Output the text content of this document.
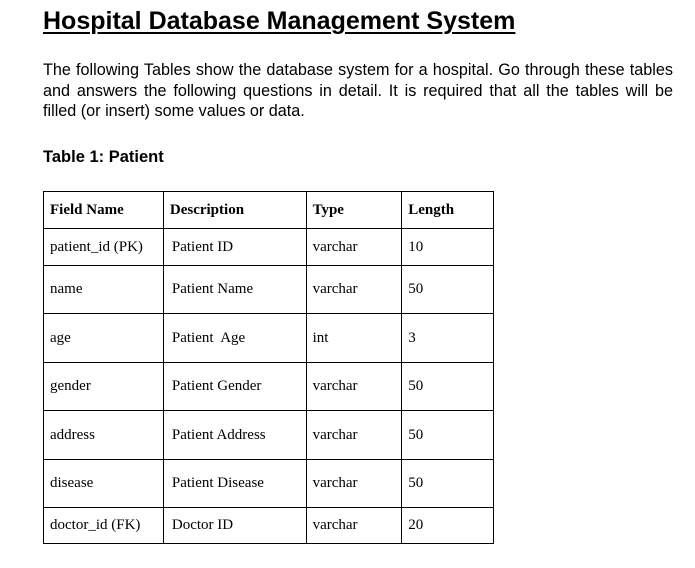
Hospital Database Management System

The following Tables show the database system for a hospital. Go through these tables and answers the following questions in detail. It is required that all the tables will be filled (or insert) some values or data.

Table 1: Patient
Field Name	Description	Type	Length
patient_id (PK)	Patient ID	varchar	10
name	Patient Name	varchar	50
age	Patient  Age	int	3
gender	Patient Gender	varchar	50
address	Patient Address	varchar	50
disease	Patient Disease	varchar	50
doctor_id (FK)	Doctor ID	varchar	20
